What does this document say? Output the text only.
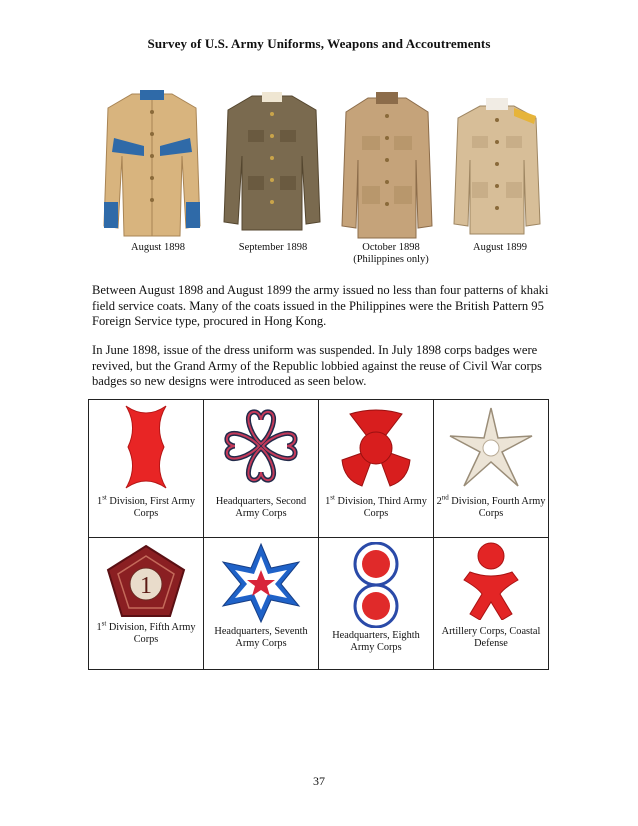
Survey of U.S. Army Uniforms, Weapons and Accoutrements
August 1898	September 1898	October 1898
(Philippines only)
August 1899

Between August 1898 and August 1899 the army issued no less than four patterns of khaki field service coats. Many of the coats issued in the Philippines were the British Pattern 95 Foreign Service type, procured in Hong Kong.

In June 1898, issue of the dress uniform was suspended. In July 1898 corps badges were revived, but the Grand Army of the Republic lobbied against the reuse of Civil War corps badges so new designs were introduced as seen below.

1st Division, First Army Corps	Headquarters, Second Army Corps	1st Division, Third Army Corps	2nd Division, Fourth Army Corps

1
1st Division, Fifth Army Corps	Headquarters, Seventh Army Corps	Headquarters, Eighth Army Corps	Artillery Corps, Coastal Defense
37
